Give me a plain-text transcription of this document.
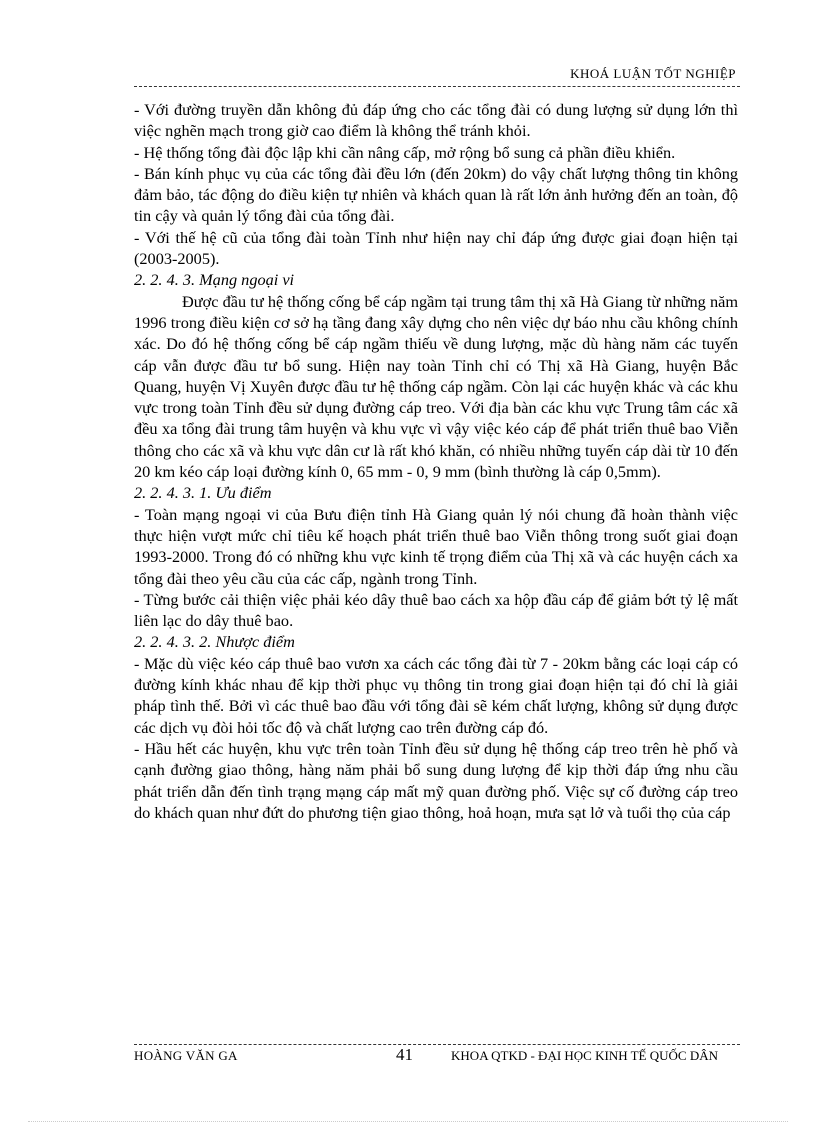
KHOÁ LUẬN TỐT NGHIỆP

- Với đường truyền dẫn không đủ đáp ứng cho các tổng đài có dung lượng sử dụng lớn thì việc nghẽn mạch trong giờ cao điểm là không thể tránh khỏi.

- Hệ thống tổng đài độc lập khi cần nâng cấp, mở rộng bổ sung cả phần điều khiển.

- Bán kính phục vụ của các tổng đài đều lớn (đến 20km) do vậy chất lượng thông tin không đảm bảo, tác động do điều kiện tự nhiên và khách quan là rất lớn ảnh hưởng đến an toàn, độ tin cậy và quản lý tổng đài của tổng đài.

- Với thế hệ cũ của tổng đài toàn Tỉnh như hiện nay chỉ đáp ứng được giai đoạn hiện tại (2003-2005).

2. 2. 4. 3. Mạng ngoại vi

Được đầu tư hệ thống cống bể cáp ngầm tại trung tâm thị xã Hà Giang từ những năm 1996 trong điều kiện cơ sở hạ tầng đang xây dựng cho nên việc dự báo nhu cầu không chính xác. Do đó hệ thống cống bể cáp ngầm thiếu về dung lượng, mặc dù hàng năm các tuyến cáp vẫn được đầu tư bổ sung. Hiện nay toàn Tỉnh chỉ có Thị xã Hà Giang, huyện Bắc Quang, huyện Vị Xuyên được đầu tư hệ thống cáp ngầm. Còn lại các huyện khác và các khu vực trong toàn Tỉnh đều sử dụng đường cáp treo. Với địa bàn các khu vực Trung tâm các xã đều xa tổng đài trung tâm huyện và khu vực vì vậy việc kéo cáp để phát triển thuê bao Viễn thông cho các xã và khu vực dân cư là rất khó khăn, có nhiều những tuyến cáp dài từ 10 đến 20 km kéo cáp loại đường kính 0, 65 mm - 0, 9 mm (bình thường là cáp 0,5mm).

2. 2. 4. 3. 1. Ưu điểm

- Toàn mạng ngoại vi của Bưu điện tỉnh Hà Giang quản lý nói chung đã hoàn thành việc thực hiện vượt mức chỉ tiêu kế hoạch phát triển thuê bao Viễn thông trong suốt giai đoạn 1993-2000. Trong đó có những khu vực kinh tế trọng điểm của Thị xã và các huyện cách xa tổng đài theo yêu cầu của các cấp, ngành trong Tỉnh.

- Từng bước cải thiện việc phải kéo dây thuê bao cách xa hộp đầu cáp để giảm bớt tỷ lệ mất liên lạc do dây thuê bao.

2. 2. 4. 3. 2. Nhược điểm

- Mặc dù việc kéo cáp thuê bao vươn xa cách các tổng đài từ 7 - 20km bằng các loại cáp có đường kính khác nhau để kịp thời phục vụ thông tin trong giai đoạn hiện tại đó chỉ là giải pháp tình thế. Bởi vì các thuê bao đầu với tổng đài sẽ kém chất lượng, không sử dụng được các dịch vụ đòi hỏi tốc độ và chất lượng cao trên đường cáp đó.

- Hầu hết các huyện, khu vực trên toàn Tỉnh đều sử dụng hệ thống cáp treo trên hè phố và cạnh đường giao thông, hàng năm phải bổ sung dung lượng để kịp thời đáp ứng nhu cầu phát triển dẫn đến tình trạng mạng cáp mất mỹ quan đường phố. Việc sự cố đường cáp treo do khách quan như đứt do phương tiện giao thông, hoả hoạn, mưa sạt lở và tuổi thọ của cáp

HOÀNG VĂN GA	41	KHOA QTKD - ĐẠI HỌC KINH TẾ QUỐC DÂN
